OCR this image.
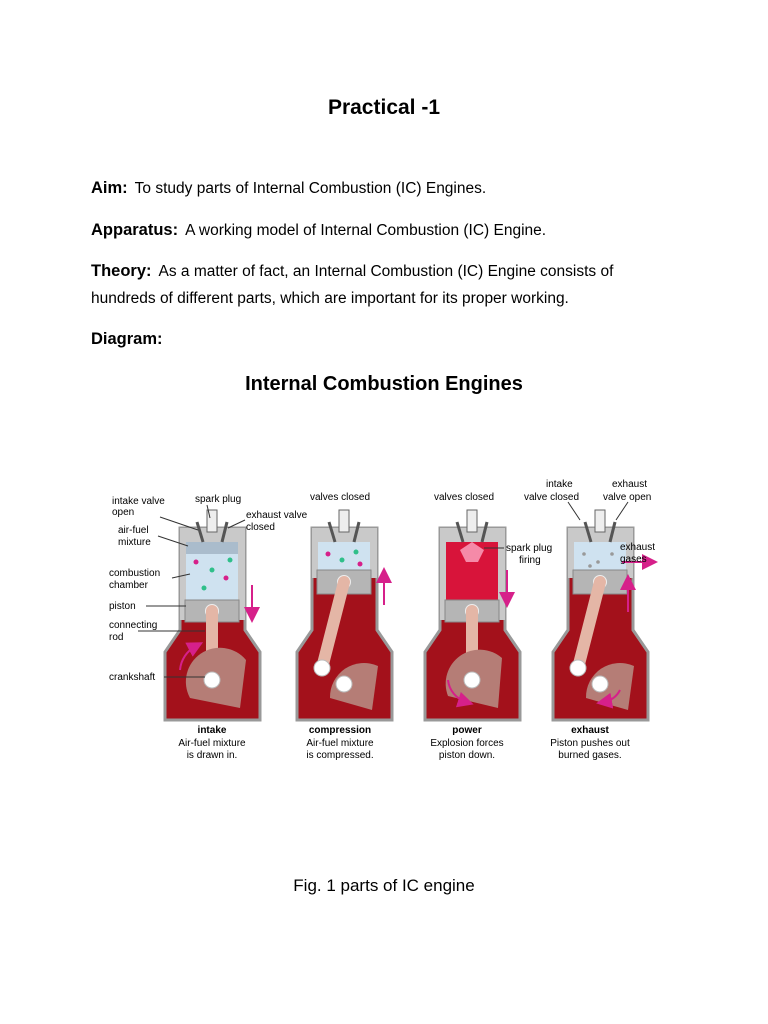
Practical -1
Aim: To study parts of Internal Combustion (IC) Engines.
Apparatus: A working model of Internal Combustion (IC) Engine.
Theory: As a matter of fact, an Internal Combustion (IC) Engine consists of
hundreds of different parts, which are important for its proper working.
Diagram:
Internal Combustion Engines
intake valve
open
spark plug
exhaust valve
closed
air-fuel
mixture
combustion
chamber
piston
connecting
rod
crankshaft
valves closed	valves closed
spark plug
firing
intake
valve closed
exhaust
valve open
exhaust
gases
intake
Air-fuel mixture
is drawn in.
compression
Air-fuel mixture
is compressed.
power
Explosion forces
piston down.
exhaust
Piston pushes out
burned gases.
Fig. 1 parts of IC engine
